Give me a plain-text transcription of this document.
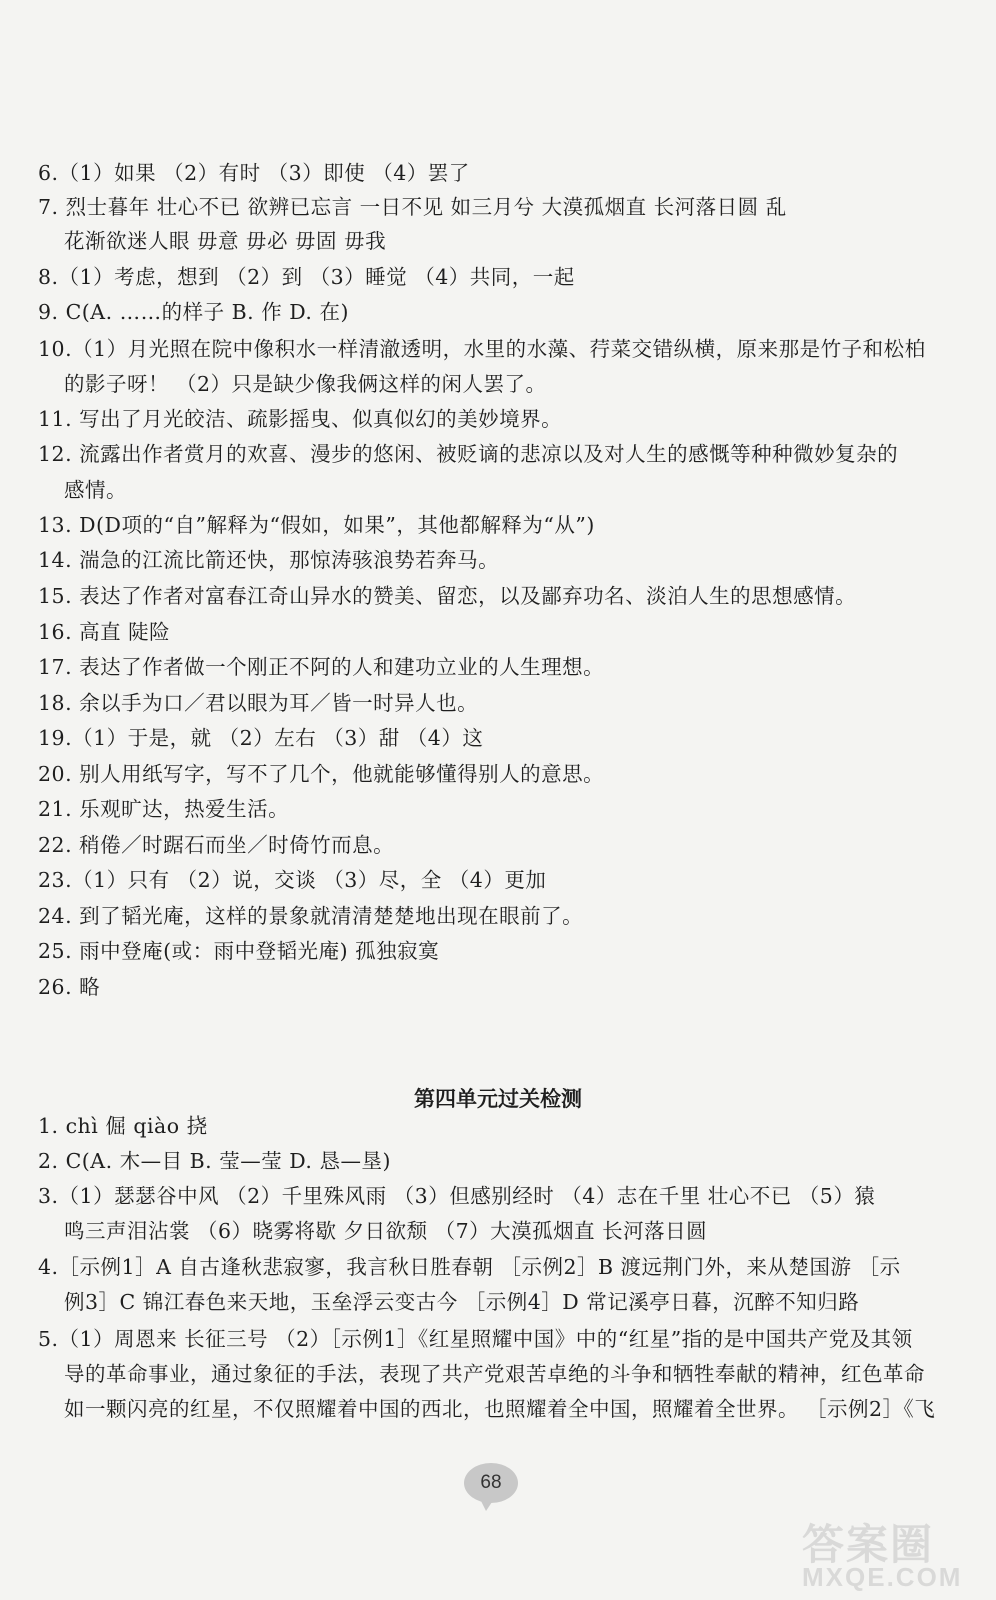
6.（1）如果 （2）有时 （3）即使 （4）罢了
7. 烈士暮年 壮心不已 欲辨已忘言 一日不见 如三月兮 大漠孤烟直 长河落日圆 乱
花渐欲迷人眼 毋意 毋必 毋固 毋我
8.（1）考虑，想到 （2）到 （3）睡觉 （4）共同，一起
9. C(A. ……的样子 B. 作 D. 在)
10.（1）月光照在院中像积水一样清澈透明，水里的水藻、荇菜交错纵横，原来那是竹子和松柏
的影子呀！ （2）只是缺少像我俩这样的闲人罢了。
11. 写出了月光皎洁、疏影摇曳、似真似幻的美妙境界。
12. 流露出作者赏月的欢喜、漫步的悠闲、被贬谪的悲凉以及对人生的感慨等种种微妙复杂的
感情。
13. D(D项的“自”解释为“假如，如果”，其他都解释为“从”)
14. 湍急的江流比箭还快，那惊涛骇浪势若奔马。
15. 表达了作者对富春江奇山异水的赞美、留恋，以及鄙弃功名、淡泊人生的思想感情。
16. 高直 陡险
17. 表达了作者做一个刚正不阿的人和建功立业的人生理想。
18. 余以手为口／君以眼为耳／皆一时异人也。
19.（1）于是，就 （2）左右 （3）甜 （4）这
20. 别人用纸写字，写不了几个，他就能够懂得别人的意思。
21. 乐观旷达，热爱生活。
22. 稍倦／时踞石而坐／时倚竹而息。
23.（1）只有 （2）说，交谈 （3）尽，全 （4）更加
24. 到了韬光庵，这样的景象就清清楚楚地出现在眼前了。
25. 雨中登庵(或：雨中登韬光庵) 孤独寂寞
26. 略
第四单元过关检测
1. chì 倔 qiào 挠
2. C(A. 木—目 B. 莹—莹 D. 恳—垦)
3.（1）瑟瑟谷中风 （2）千里殊风雨 （3）但感别经时 （4）志在千里 壮心不已 （5）猿
鸣三声泪沾裳 （6）晓雾将歇 夕日欲颓 （7）大漠孤烟直 长河落日圆
4.［示例1］A 自古逢秋悲寂寥，我言秋日胜春朝 ［示例2］B 渡远荆门外，来从楚国游 ［示
例3］C 锦江春色来天地，玉垒浮云变古今 ［示例4］D 常记溪亭日暮，沉醉不知归路
5.（1）周恩来 长征三号 （2）［示例1］《红星照耀中国》中的“红星”指的是中国共产党及其领
导的革命事业，通过象征的手法，表现了共产党艰苦卓绝的斗争和牺牲奉献的精神，红色革命
如一颗闪亮的红星，不仅照耀着中国的西北，也照耀着全中国，照耀着全世界。 ［示例2］《飞
68
答案圈
MXQE.COM
